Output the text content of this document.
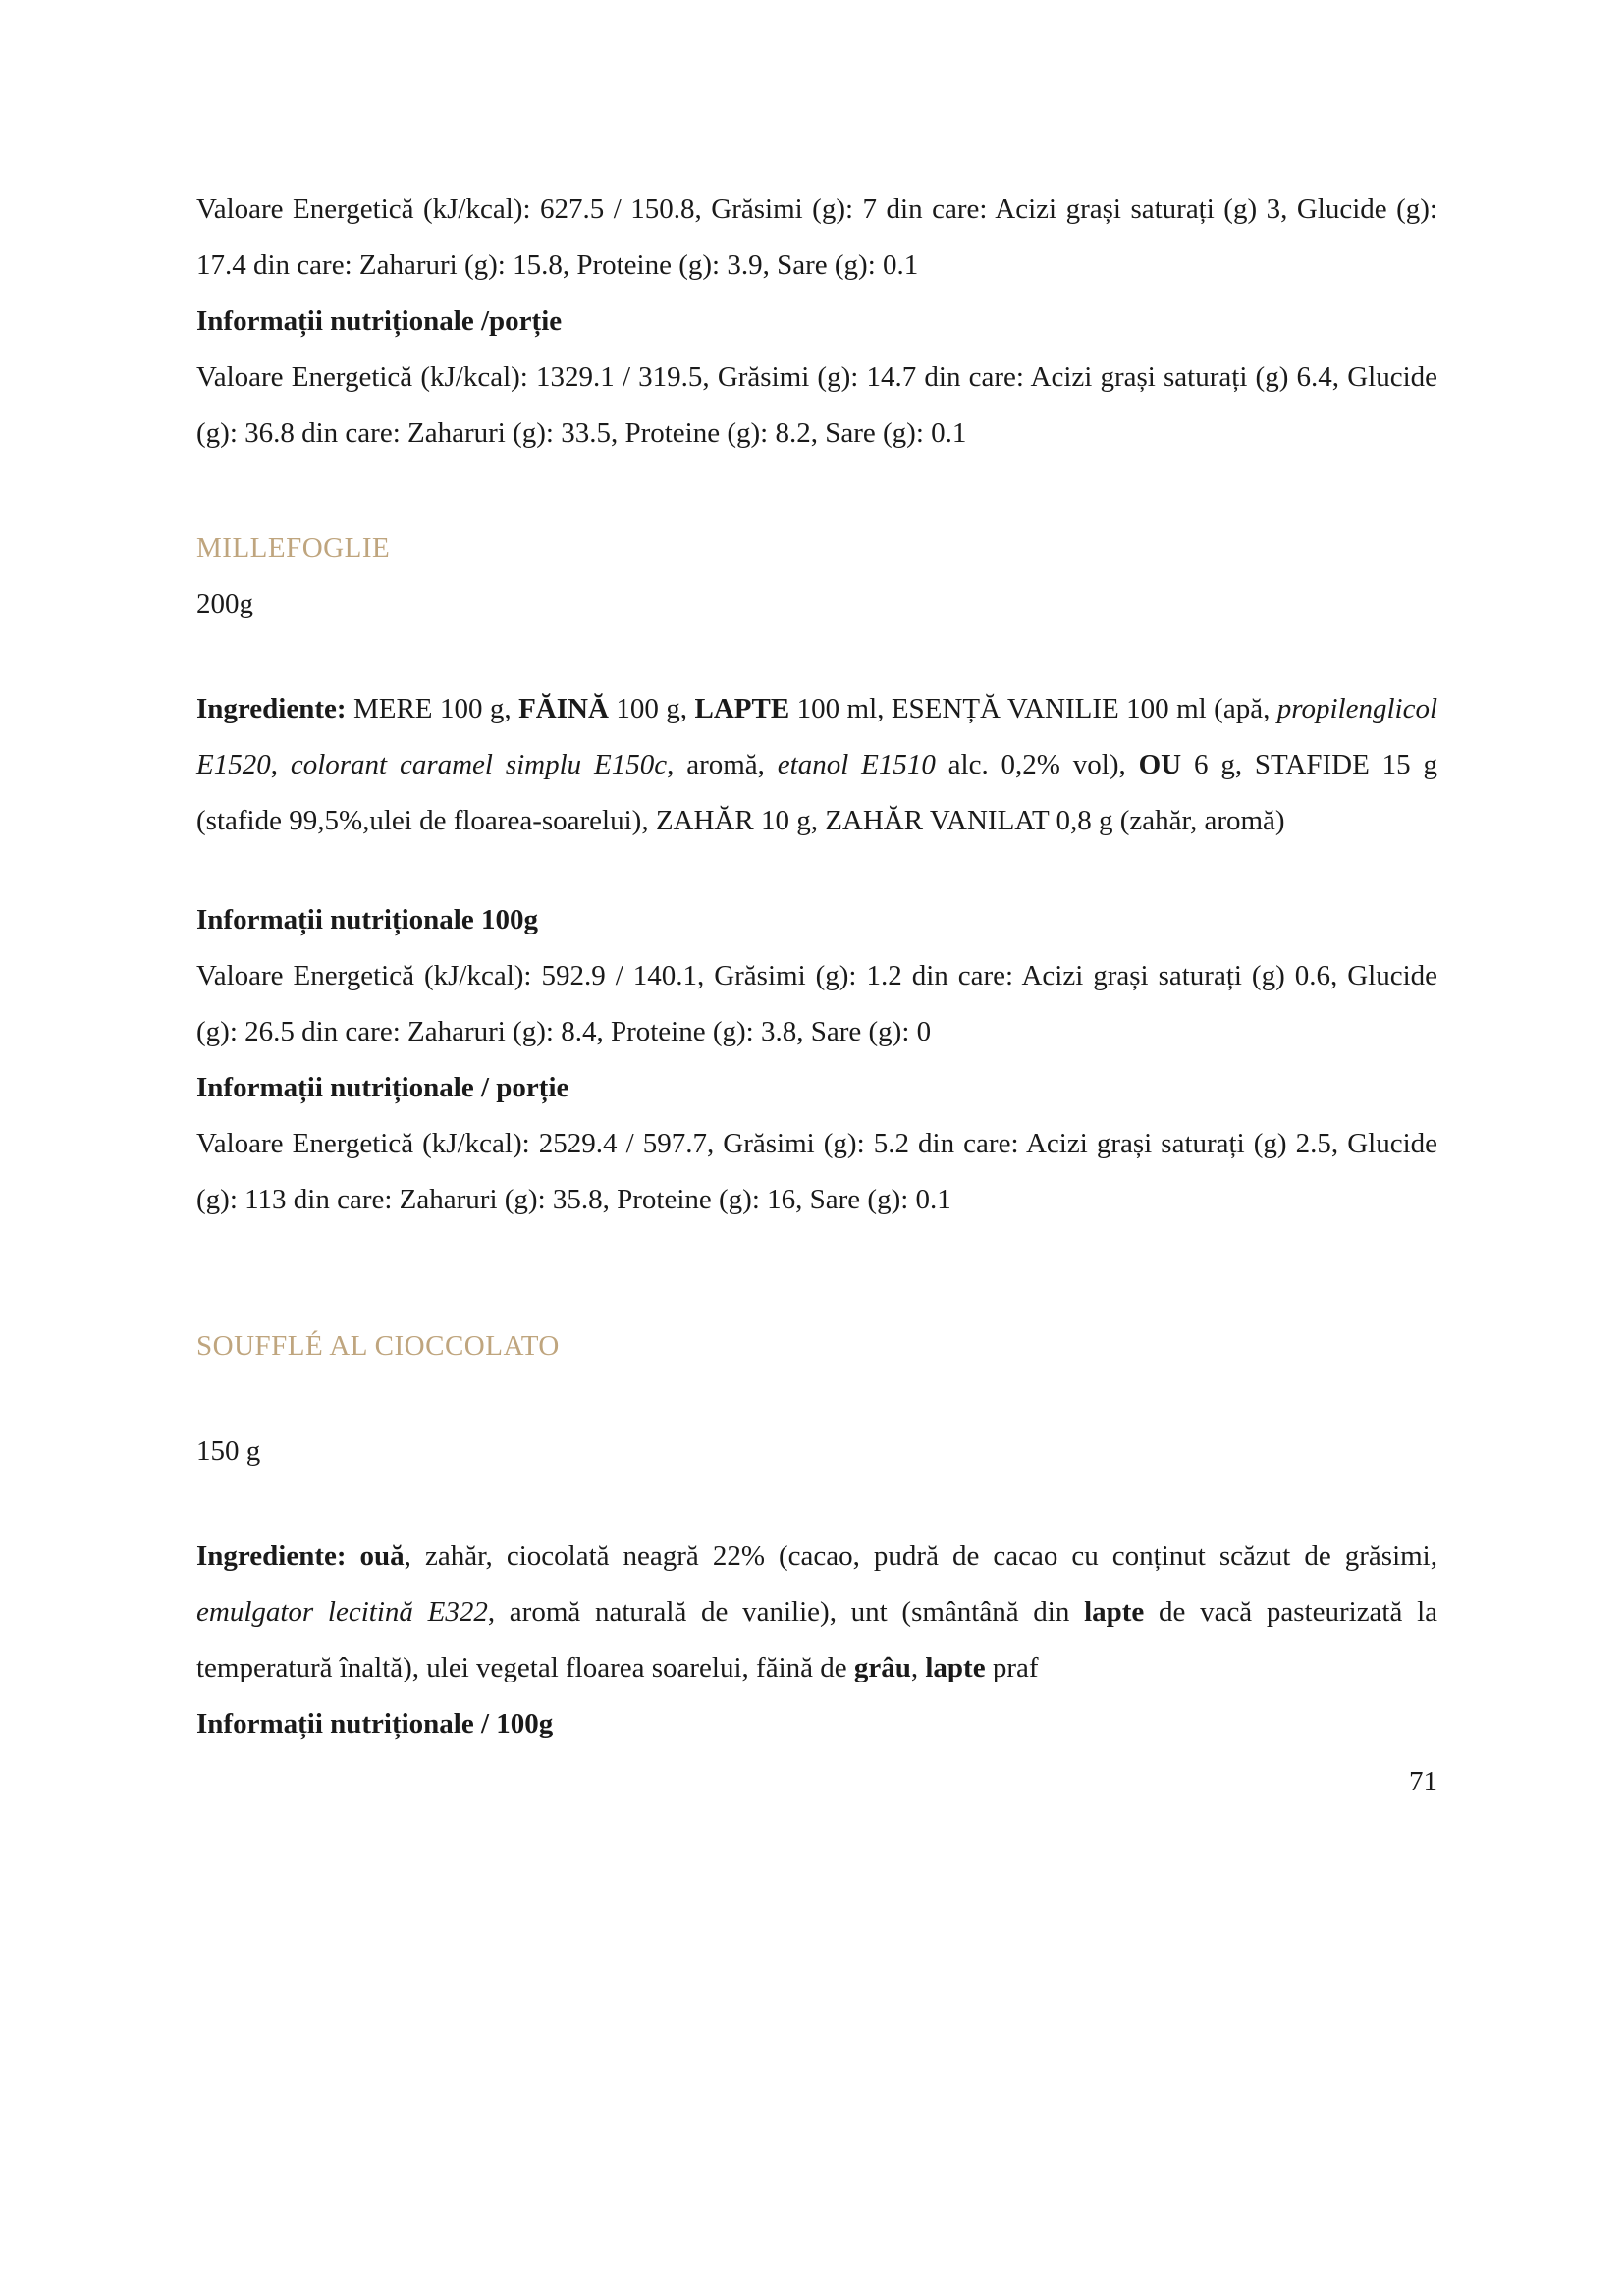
Valoare Energetică (kJ/kcal): 627.5 / 150.8, Grăsimi (g): 7 din care: Acizi grași saturați (g) 3, Glucide (g): 17.4 din care: Zaharuri (g): 15.8, Proteine (g): 3.9, Sare (g): 0.1

Informații nutriționale /porție

Valoare Energetică (kJ/kcal): 1329.1 / 319.5, Grăsimi (g): 14.7 din care: Acizi grași saturați (g) 6.4, Glucide (g): 36.8 din care: Zaharuri (g): 33.5, Proteine (g): 8.2, Sare (g): 0.1

MILLEFOGLIE

200g

Ingrediente: MERE 100 g, FĂINĂ 100 g, LAPTE 100 ml, ESENȚĂ VANILIE 100 ml (apă, propilenglicol E1520, colorant caramel simplu E150c, aromă, etanol E1510 alc. 0,2% vol), OU 6 g, STAFIDE 15 g (stafide 99,5%,ulei de floarea-soarelui), ZAHĂR 10 g, ZAHĂR VANILAT 0,8 g (zahăr, aromă)

Informații nutriționale 100g

Valoare Energetică (kJ/kcal): 592.9 / 140.1, Grăsimi (g): 1.2 din care: Acizi grași saturați (g) 0.6, Glucide (g): 26.5 din care: Zaharuri (g): 8.4, Proteine (g): 3.8, Sare (g): 0

Informații nutriționale / porție

Valoare Energetică (kJ/kcal): 2529.4 / 597.7, Grăsimi (g): 5.2 din care: Acizi grași saturați (g) 2.5, Glucide (g): 113 din care: Zaharuri (g): 35.8, Proteine (g): 16, Sare (g): 0.1

SOUFFLÉ AL CIOCCOLATO

150 g

Ingrediente: ouă, zahăr, ciocolată neagră 22% (cacao, pudră de cacao cu conținut scăzut de grăsimi, emulgator lecitină E322, aromă naturală de vanilie), unt (smântână din lapte de vacă pasteurizată la temperatură înaltă), ulei vegetal floarea soarelui, făină de grâu, lapte praf

Informații nutriționale / 100g

71
